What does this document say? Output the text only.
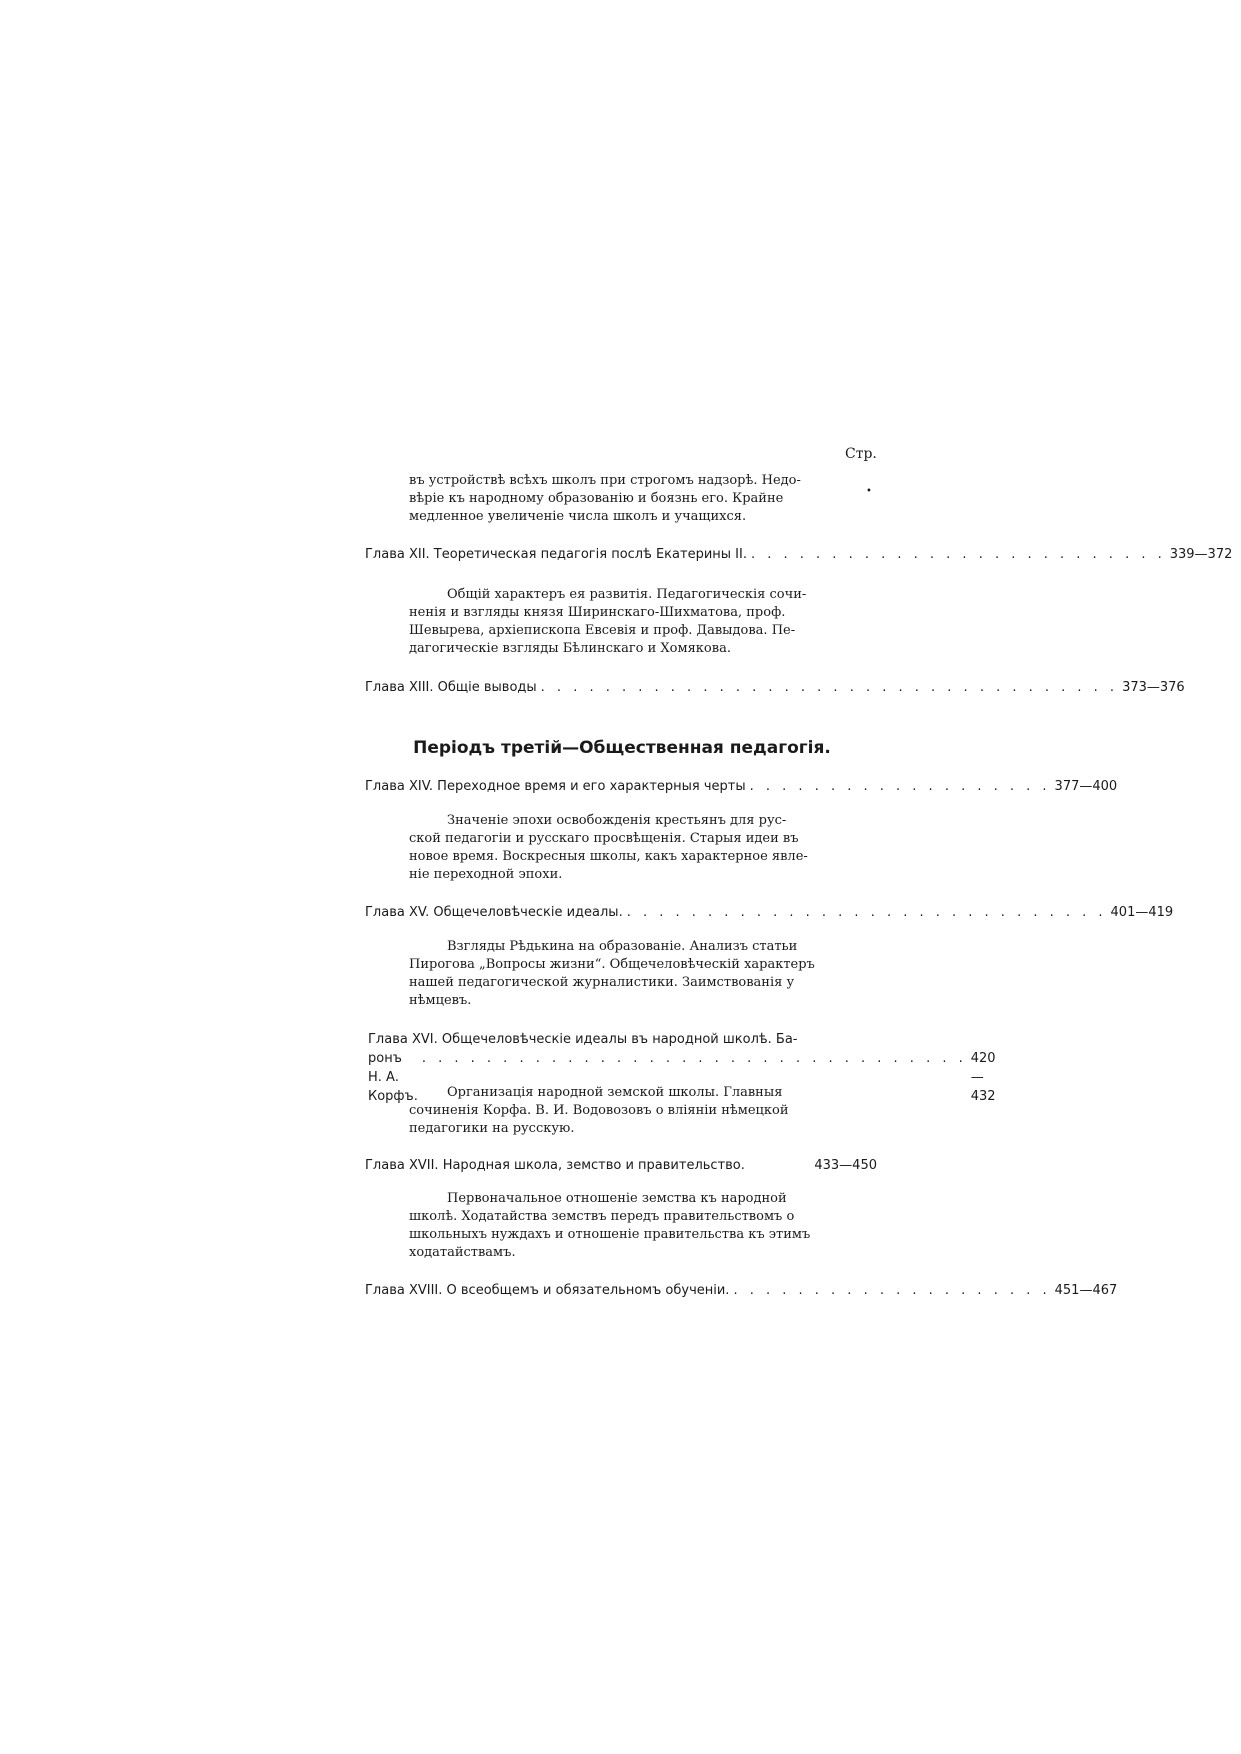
Стр.
•
въ устройствѣ всѣхъ школъ при строгомъ надзорѣ. Недо-
вѣріе къ народному образованію и боязнь его. Крайне
медленное увеличеніе числа школъ и учащихся.
Глава XII. Теоретическая педагогія послѣ Екатерины II. . . . . . . . . . . . . . . . . . . . . . . . . . . 339—372
Общій характеръ ея развитія. Педагогическія сочи-
ненія и взгляды князя Ширинскаго-Шихматова, проф.
Шевырева, архіепископа Евсевія и проф. Давыдова. Пе-
дагогическіе взгляды Бѣлинскаго и Хомякова.
Глава XIII. Общіе выводы . . . . . . . . . . . . . . . . . . . . . . . . . . . . . . . . . . . . 373—376
Періодъ третій—Общественная педагогія.
Глава XIV. Переходное время и его характерныя черты . . . . . . . . . . . . . . . . . . . 377—400
Значеніе эпохи освобожденія крестьянъ для рус-
ской педагогіи и русскаго просвѣщенія. Старыя идеи въ
новое время. Воскресныя школы, какъ характерное явле-
ніе переходной эпохи.
Глава XV. Общечеловѣческіе идеалы. . . . . . . . . . . . . . . . . . . . . . . . . . . . . . . 401—419
Взгляды Рѣдькина на образованіе. Анализъ статьи
Пирогова „Вопросы жизни“. Общечеловѣческій характеръ
нашей педагогической журналистики. Заимствованія у
нѣмцевъ.
Глава XVI. Общечеловѣческіе идеалы въ народной школѣ. Ба-
ронъ Н. А. Корфъ.
. . . . . . . . . . . . . . . . . . . . . . . . . . . . . . . . . . 420—432
Организація народной земской школы. Главныя
сочиненія Корфа. В. И. Водовозовъ о вліяніи нѣмецкой
педагогики на русскую.
Глава XVII. Народная школа, земство и правительство.	433—450
Первоначальное отношеніе земства къ народной
школѣ. Ходатайства земствъ передъ правительствомъ о
школьныхъ нуждахъ и отношеніе правительства къ этимъ
ходатайствамъ.
Глава XVIII. О всеобщемъ и обязательномъ обученіи. . . . . . . . . . . . . . . . . . . . . 451—467
